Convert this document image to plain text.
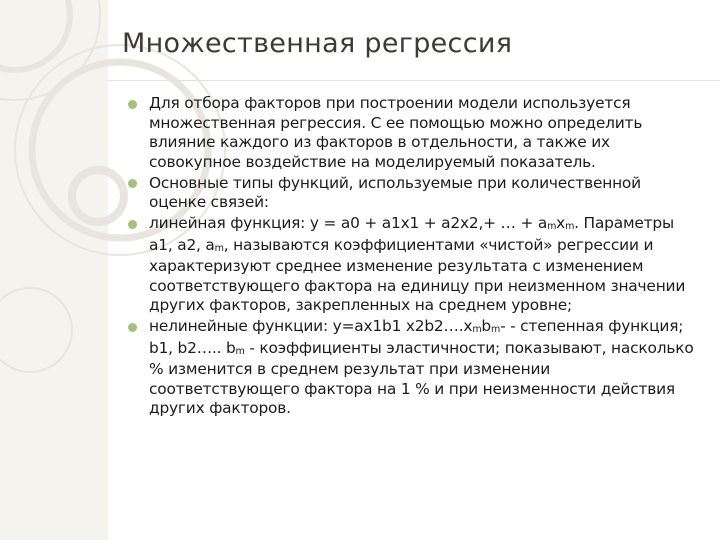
Множественная регрессия
Для отбора факторов при построении модели используется множественная регрессия. С ее помощью можно определить влияние каждого из факторов в отдельности, а также их совокупное воздействие на моделируемый показатель.
Основные типы функций, используемые при количественной оценке связей:
линейная функция: у = а0 + а1х1 + а2х2,+ … + аmхm. Параметры а1, а2, аm, называются коэффициентами «чистой» регрессии и характеризуют среднее изменение результата с изменением соответствующего фактора на единицу при неизменном значении других факторов, закрепленных на среднем уровне;
нелинейные функции: у=ах1b1 х2b2….хmbm- - степенная функция; b1, b2….. bm - коэффициенты эластичности; показывают, насколько % изменится в среднем результат при изменении соответствующего фактора на 1 % и при неизменности действия других факторов.
